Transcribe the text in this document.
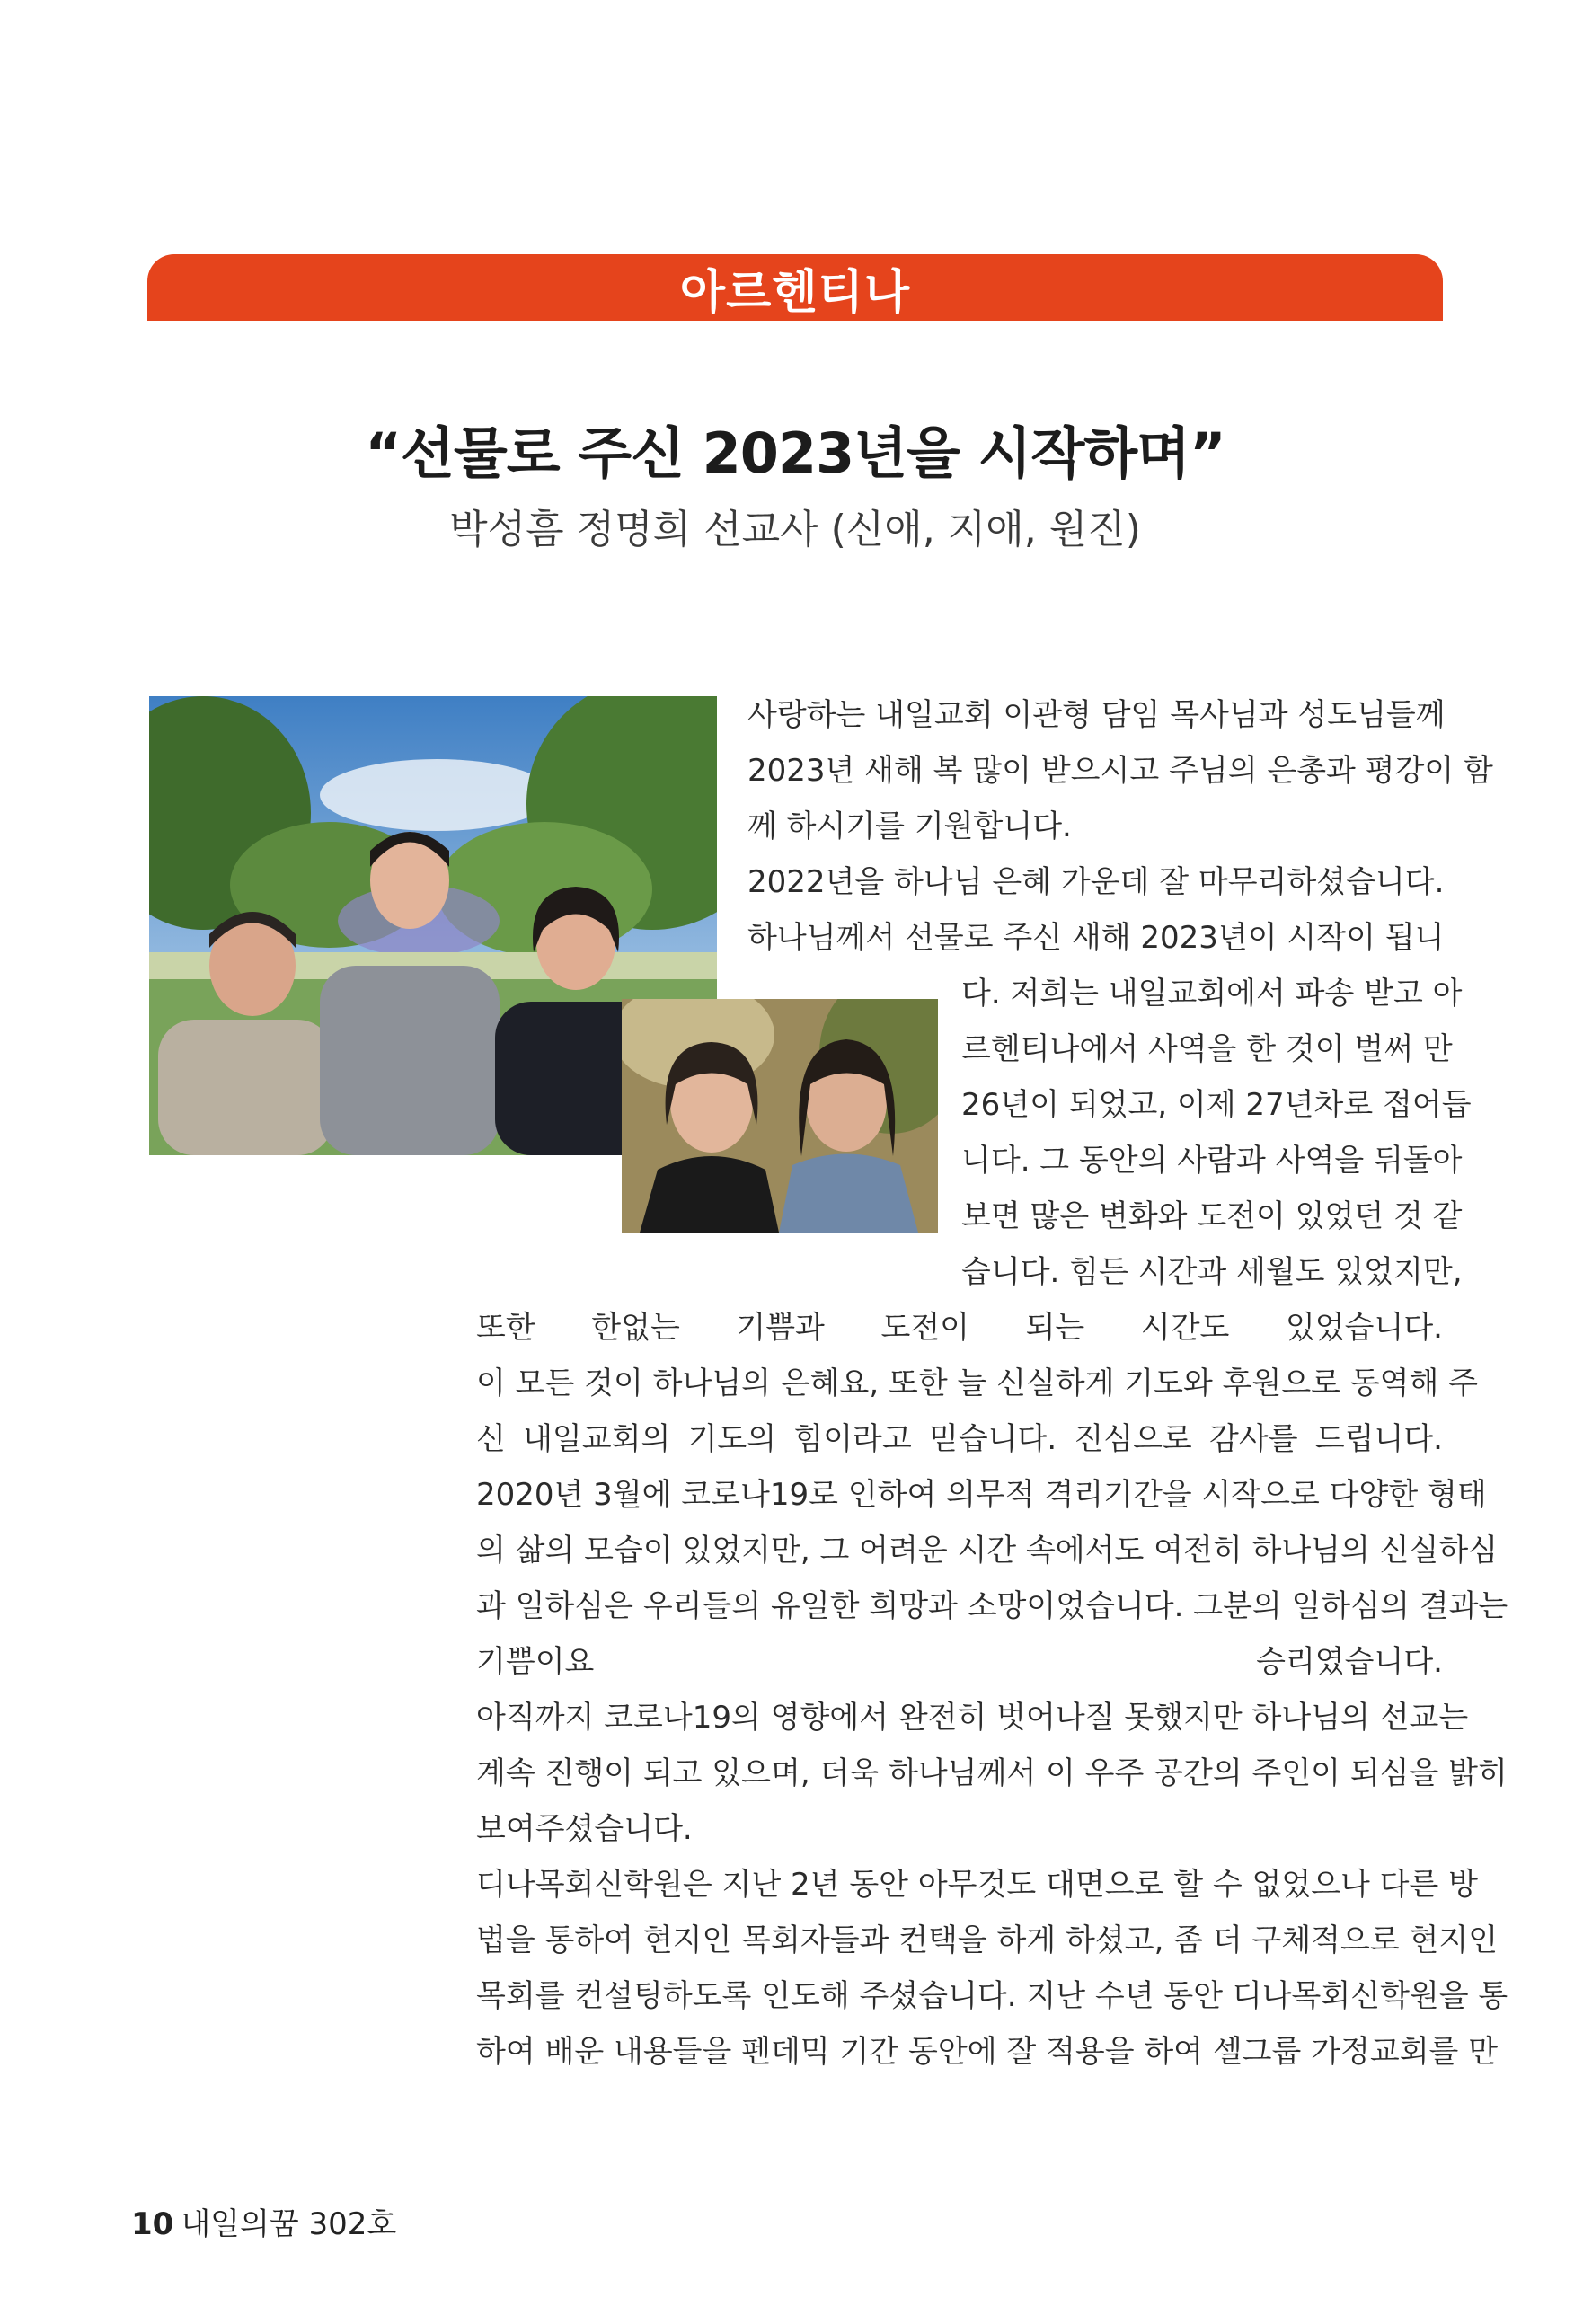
아르헨티나
“선물로 주신 2023년을 시작하며”
박성흠 정명희 선교사 (신애, 지애, 원진)
사랑하는 내일교회 이관형 담임 목사님과 성도님들께
2023년 새해 복 많이 받으시고 주님의 은총과 평강이 함
께 하시기를 기원합니다.
2022년을 하나님 은혜 가운데 잘 마무리하셨습니다.
하나님께서 선물로 주신 새해 2023년이 시작이 됩니
다. 저희는 내일교회에서 파송 받고 아
르헨티나에서 사역을 한 것이 벌써 만
26년이 되었고, 이제 27년차로 접어듭
니다. 그 동안의 사람과 사역을 뒤돌아
보면 많은 변화와 도전이 있었던 것 같
습니다. 힘든 시간과 세월도 있었지만,
또한 한없는 기쁨과 도전이 되는 시간도 있었습니다.
이 모든 것이 하나님의 은혜요, 또한 늘 신실하게 기도와 후원으로 동역해 주
신 내일교회의 기도의 힘이라고 믿습니다. 진심으로 감사를 드립니다.
2020년 3월에 코로나19로 인하여 의무적 격리기간을 시작으로 다양한 형태
의 삶의 모습이 있었지만, 그 어려운 시간 속에서도 여전히 하나님의 신실하심
과 일하심은 우리들의 유일한 희망과 소망이었습니다. 그분의 일하심의 결과는
기쁨이요 승리였습니다.
아직까지 코로나19의 영향에서 완전히 벗어나질 못했지만 하나님의 선교는
계속 진행이 되고 있으며, 더욱 하나님께서 이 우주 공간의 주인이 되심을 밝히
보여주셨습니다.
디나목회신학원은 지난 2년 동안 아무것도 대면으로 할 수 없었으나 다른 방
법을 통하여 현지인 목회자들과 컨택을 하게 하셨고, 좀 더 구체적으로 현지인
목회를 컨설팅하도록 인도해 주셨습니다. 지난 수년 동안 디나목회신학원을 통
하여 배운 내용들을 펜데믹 기간 동안에 잘 적용을 하여 셀그룹 가정교회를 만
10 내일의꿈 302호
